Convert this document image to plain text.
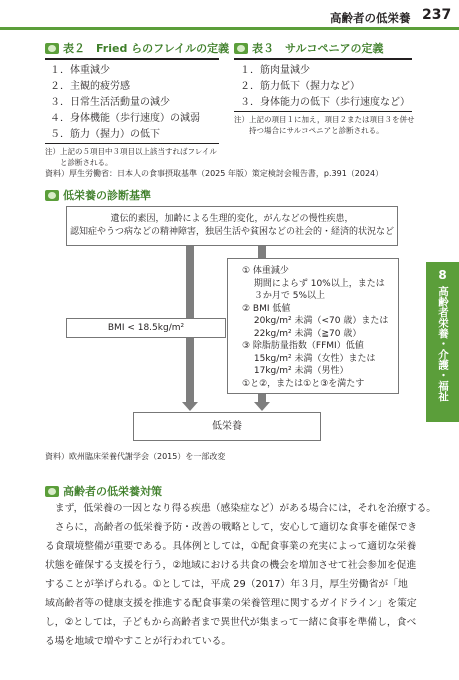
高齢者の低栄養 237
表２　Fried らのフレイルの定義
１．体重減少
２．主観的疲労感
３．日常生活活動量の減少
４．身体機能（歩行速度）の減弱
５．筋力（握力）の低下
注）上記の５項目中３項目以上該当すればフレイル
　　と診断される。
表３　サルコペニアの定義
１．筋肉量減少
２．筋力低下（握力など）
３．身体能力の低下（歩行速度など）
注）上記の項目１に加え，項目２または項目３を併せ
　　持つ場合にサルコペニアと診断される。
資料）厚生労働省：日本人の食事摂取基準（2025 年版）策定検討会報告書，p.391（2024）
低栄養の診断基準
遺伝的素因，加齢による生理的変化，がんなどの慢性疾患，
認知症やうつ病などの精神障害，独居生活や貧困などの社会的・経済的状況など
BMI < 18.5kg/m²
① 体重減少
　 期間によらず 10%以上，または
　 ３か月で 5%以上
② BMI 低値
　 20kg/m² 未満（<70 歳）または
　 22kg/m² 未満（≧70 歳）
③ 除脂肪量指数（FFMI）低値
　 15kg/m² 未満（女性）または
　 17kg/m² 未満（男性）
①と②，または①と③を満たす
低栄養
資料）欧州臨床栄養代謝学会（2015）を一部改変
8
高齢者栄養・介護・福祉
高齢者の低栄養対策
　まず，低栄養の一因となり得る疾患（感染症など）がある場合には，それを治療する。
　さらに，高齢者の低栄養予防・改善の戦略として，安心して適切な食事を確保でき
る食環境整備が重要である。具体例としては，①配食事業の充実によって適切な栄養
状態を確保する支援を行う，②地域における共食の機会を増加させて社会参加を促進
することが挙げられる。①としては，平成 29（2017）年３月，厚生労働省が「地
域高齢者等の健康支援を推進する配食事業の栄養管理に関するガイドライン」を策定
し，②としては，子どもから高齢者まで異世代が集まって一緒に食事を準備し，食べ
る場を地域で増やすことが行われている。
